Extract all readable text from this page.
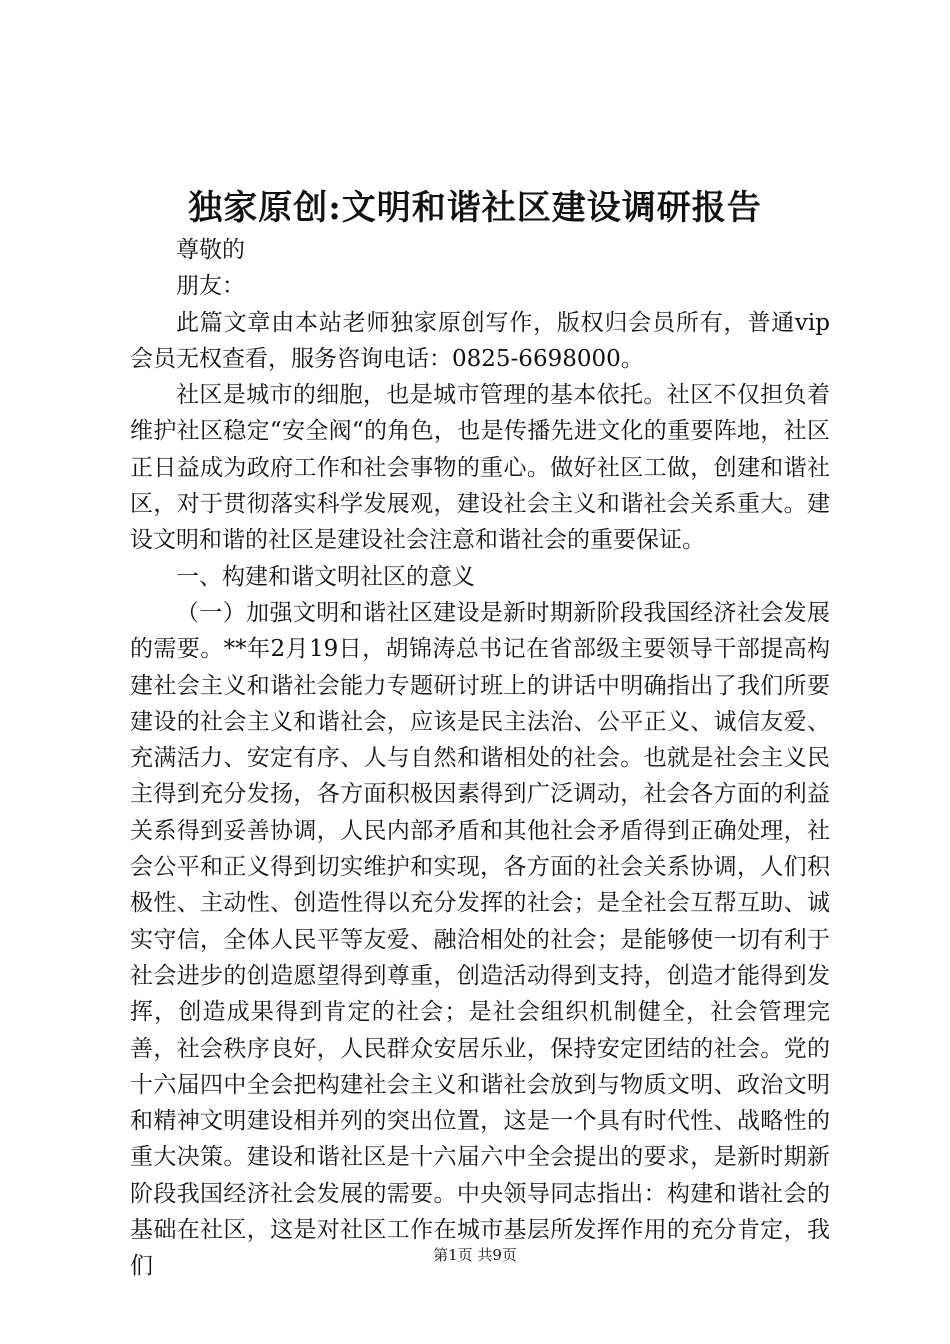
独家原创:文明和谐社区建设调研报告

尊敬的

朋友：

此篇文章由本站老师独家原创写作，版权归会员所有，普通vip会员无权查看，服务咨询电话：0825-6698000。

社区是城市的细胞，也是城市管理的基本依托。社区不仅担负着维护社区稳定“安全阀“的角色，也是传播先进文化的重要阵地，社区正日益成为政府工作和社会事物的重心。做好社区工做，创建和谐社区，对于贯彻落实科学发展观，建设社会主义和谐社会关系重大。建设文明和谐的社区是建设社会注意和谐社会的重要保证。

一、构建和谐文明社区的意义

（一）加强文明和谐社区建设是新时期新阶段我国经济社会发展的需要。**年2月19日，胡锦涛总书记在省部级主要领导干部提高构建社会主义和谐社会能力专题研讨班上的讲话中明确指出了我们所要建设的社会主义和谐社会，应该是民主法治、公平正义、诚信友爱、充满活力、安定有序、人与自然和谐相处的社会。也就是社会主义民主得到充分发扬，各方面积极因素得到广泛调动，社会各方面的利益关系得到妥善协调，人民内部矛盾和其他社会矛盾得到正确处理，社会公平和正义得到切实维护和实现，各方面的社会关系协调，人们积极性、主动性、创造性得以充分发挥的社会；是全社会互帮互助、诚实守信，全体人民平等友爱、融洽相处的社会；是能够使一切有利于社会进步的创造愿望得到尊重，创造活动得到支持，创造才能得到发挥，创造成果得到肯定的社会；是社会组织机制健全，社会管理完善，社会秩序良好，人民群众安居乐业，保持安定团结的社会。党的十六届四中全会把构建社会主义和谐社会放到与物质文明、政治文明和精神文明建设相并列的突出位置，这是一个具有时代性、战略性的重大决策。建设和谐社区是十六届六中全会提出的要求，是新时期新阶段我国经济社会发展的需要。中央领导同志指出：构建和谐社会的基础在社区，这是对社区工作在城市基层所发挥作用的充分肯定，我们	第1页 共9页
